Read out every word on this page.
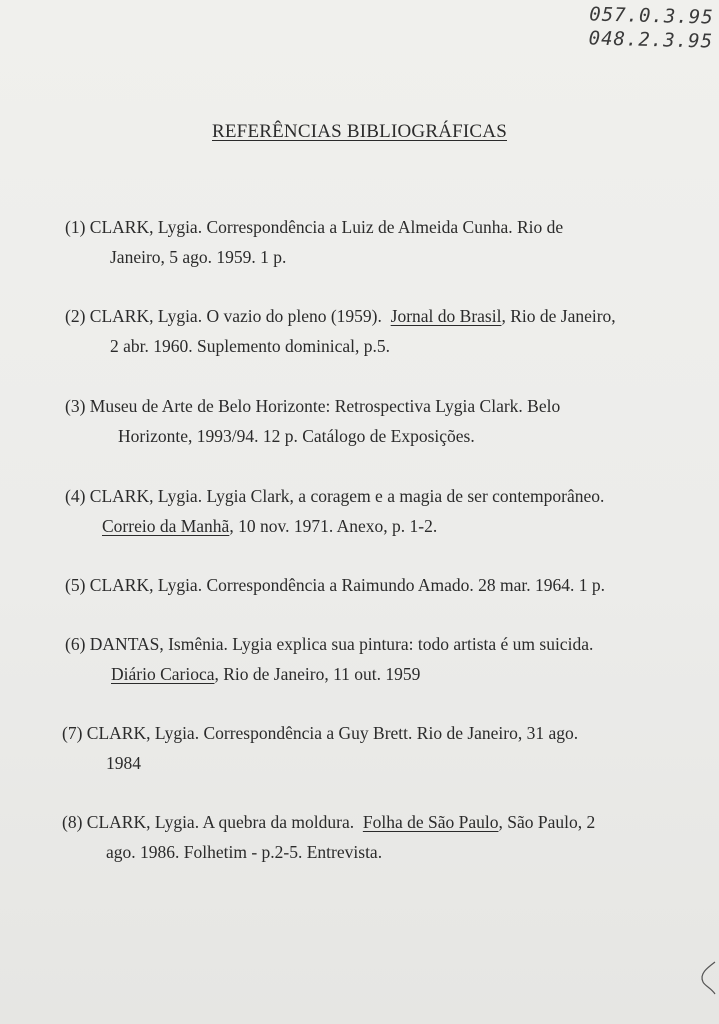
057.0.3.95
048.2.3.95
REFERÊNCIAS BIBLIOGRÁFICAS
(1) CLARK, Lygia. Correspondência a Luiz de Almeida Cunha. Rio de
Janeiro, 5 ago. 1959. 1 p.
(2) CLARK, Lygia. O vazio do pleno (1959).  Jornal do Brasil, Rio de Janeiro,
2 abr. 1960. Suplemento dominical, p.5.
(3) Museu de Arte de Belo Horizonte: Retrospectiva Lygia Clark. Belo
Horizonte, 1993/94. 12 p. Catálogo de Exposições.
(4) CLARK, Lygia. Lygia Clark, a coragem e a magia de ser contemporâneo.
Correio da Manhã, 10 nov. 1971. Anexo, p. 1-2.
(5) CLARK, Lygia. Correspondência a Raimundo Amado. 28 mar. 1964. 1 p.
(6) DANTAS, Ismênia. Lygia explica sua pintura: todo artista é um suicida.
Diário Carioca, Rio de Janeiro, 11 out. 1959
(7) CLARK, Lygia. Correspondência a Guy Brett. Rio de Janeiro, 31 ago.
1984
(8) CLARK, Lygia. A quebra da moldura.  Folha de São Paulo, São Paulo, 2
ago. 1986. Folhetim - p.2-5. Entrevista.
